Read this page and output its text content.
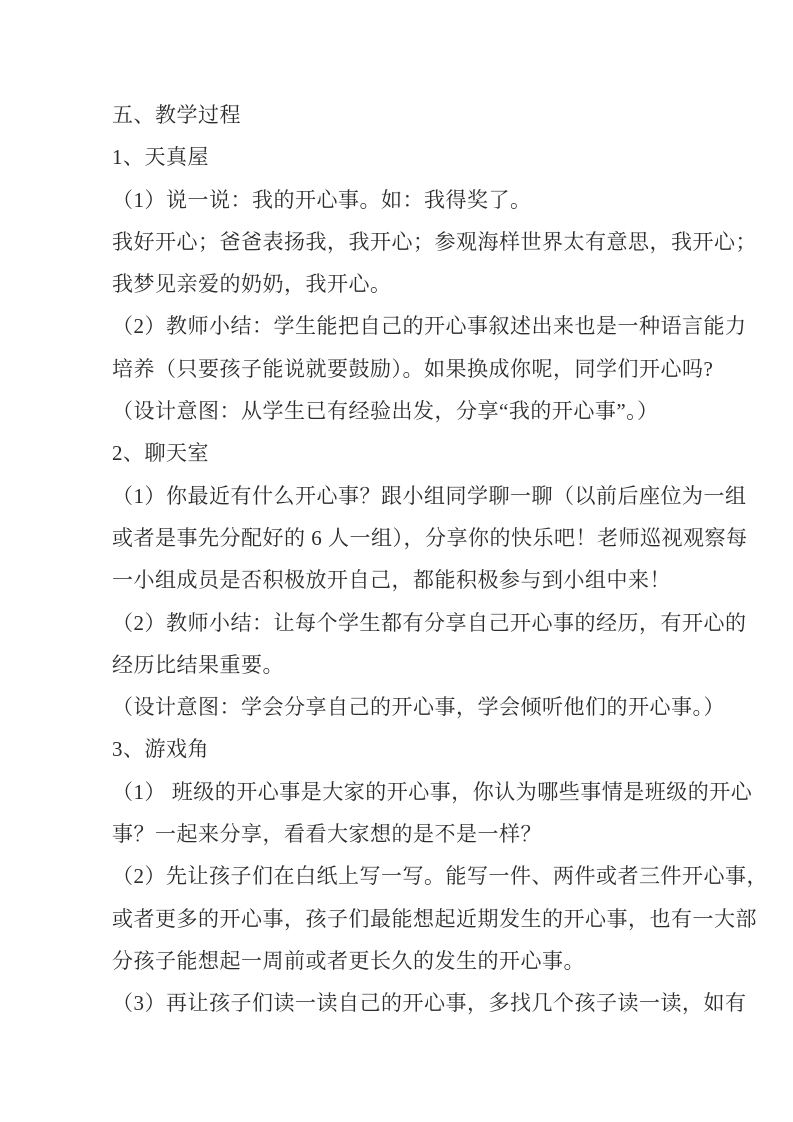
五、教学过程
1、天真屋
（1）说一说：我的开心事。如：我得奖了。
我好开心；爸爸表扬我，我开心；参观海样世界太有意思，我开心；
我梦见亲爱的奶奶，我开心。
（2）教师小结：学生能把自己的开心事叙述出来也是一种语言能力
培养（只要孩子能说就要鼓励）。如果换成你呢，同学们开心吗?
（设计意图：从学生已有经验出发，分享“我的开心事”。）
2、聊天室
（1）你最近有什么开心事？跟小组同学聊一聊（以前后座位为一组
或者是事先分配好的 6 人一组），分享你的快乐吧！老师巡视观察每
一小组成员是否积极放开自己，都能积极参与到小组中来！
（2）教师小结：让每个学生都有分享自己开心事的经历，有开心的
经历比结果重要。
（设计意图：学会分享自己的开心事，学会倾听他们的开心事。）
3、游戏角
（1） 班级的开心事是大家的开心事，你认为哪些事情是班级的开心
事？一起来分享，看看大家想的是不是一样？
（2）先让孩子们在白纸上写一写。能写一件、两件或者三件开心事，
或者更多的开心事，孩子们最能想起近期发生的开心事，也有一大部
分孩子能想起一周前或者更长久的发生的开心事。
（3）再让孩子们读一读自己的开心事，多找几个孩子读一读，如有
